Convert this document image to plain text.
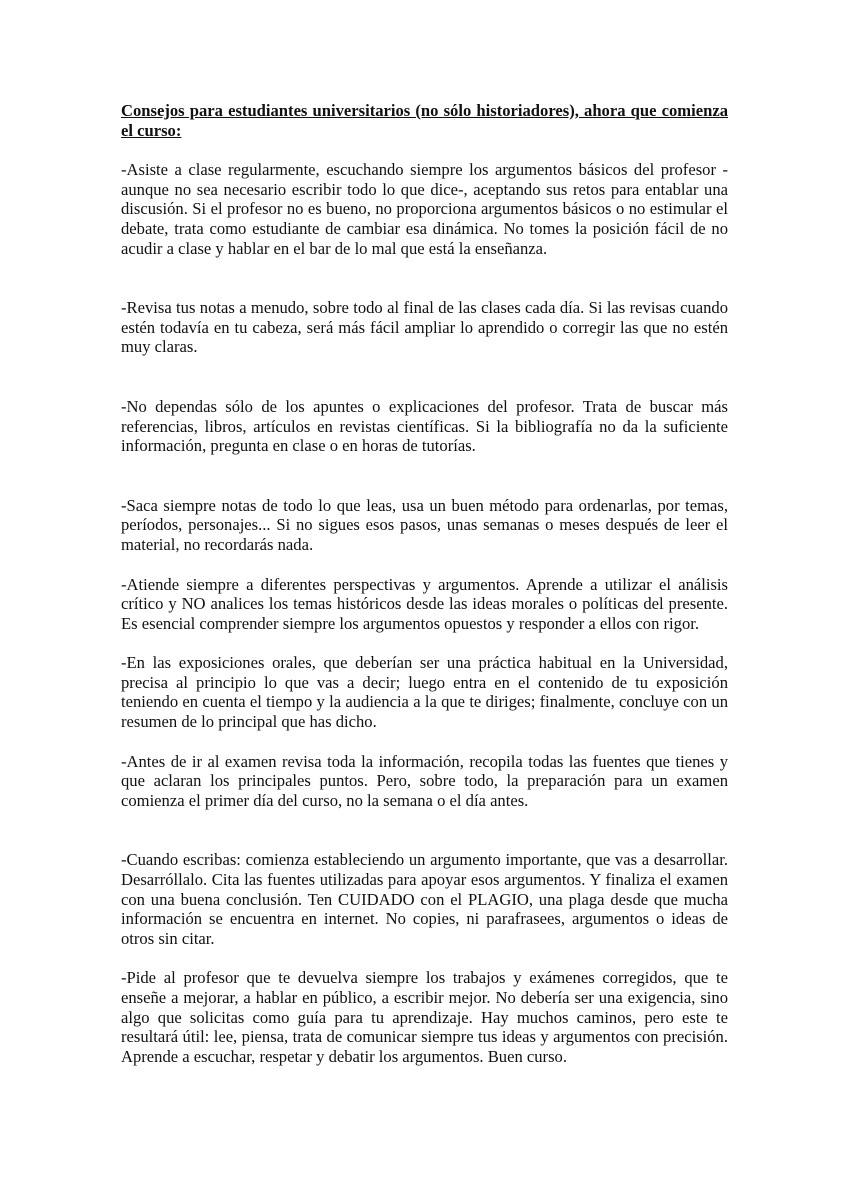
Consejos para estudiantes universitarios (no sólo historiadores), ahora que comienza el curso:

-Asiste a clase regularmente, escuchando siempre los argumentos básicos del profesor - aunque no sea necesario escribir todo lo que dice-, aceptando sus retos para entablar una discusión. Si el profesor no es bueno, no proporciona argumentos básicos o no estimular el debate, trata como estudiante de cambiar esa dinámica. No tomes la posición fácil de no acudir a clase y hablar en el bar de lo mal que está la enseñanza.

-Revisa tus notas a menudo, sobre todo al final de las clases cada día. Si las revisas cuando estén todavía en tu cabeza, será más fácil ampliar lo aprendido o corregir las que no estén muy claras.

-No dependas sólo de los apuntes o explicaciones del profesor. Trata de buscar más referencias, libros, artículos en revistas científicas. Si la bibliografía no da la suficiente información, pregunta en clase o en horas de tutorías.

-Saca siempre notas de todo lo que leas, usa un buen método para ordenarlas, por temas, períodos, personajes... Si no sigues esos pasos, unas semanas o meses después de leer el material, no recordarás nada.

-Atiende siempre a diferentes perspectivas y argumentos. Aprende a utilizar el análisis crítico y NO analices los temas históricos desde las ideas morales o políticas del presente. Es esencial comprender siempre los argumentos opuestos y responder a ellos con rigor.

-En las exposiciones orales, que deberían ser una práctica habitual en la Universidad, precisa al principio lo que vas a decir; luego entra en el contenido de tu exposición teniendo en cuenta el tiempo y la audiencia a la que te diriges; finalmente, concluye con un resumen de lo principal que has dicho.

-Antes de ir al examen revisa toda la información, recopila todas las fuentes que tienes y que aclaran los principales puntos. Pero, sobre todo, la preparación para un examen comienza el primer día del curso, no la semana o el día antes.

-Cuando escribas: comienza estableciendo un argumento importante, que vas a desarrollar. Desarróllalo. Cita las fuentes utilizadas para apoyar esos argumentos. Y finaliza el examen con una buena conclusión. Ten CUIDADO con el PLAGIO, una plaga desde que mucha información se encuentra en internet. No copies, ni parafrasees, argumentos o ideas de otros sin citar.

-Pide al profesor que te devuelva siempre los trabajos y exámenes corregidos, que te enseñe a mejorar, a hablar en público, a escribir mejor. No debería ser una exigencia, sino algo que solicitas como guía para tu aprendizaje. Hay muchos caminos, pero este te resultará útil: lee, piensa, trata de comunicar siempre tus ideas y argumentos con precisión. Aprende a escuchar, respetar y debatir los argumentos. Buen curso.
